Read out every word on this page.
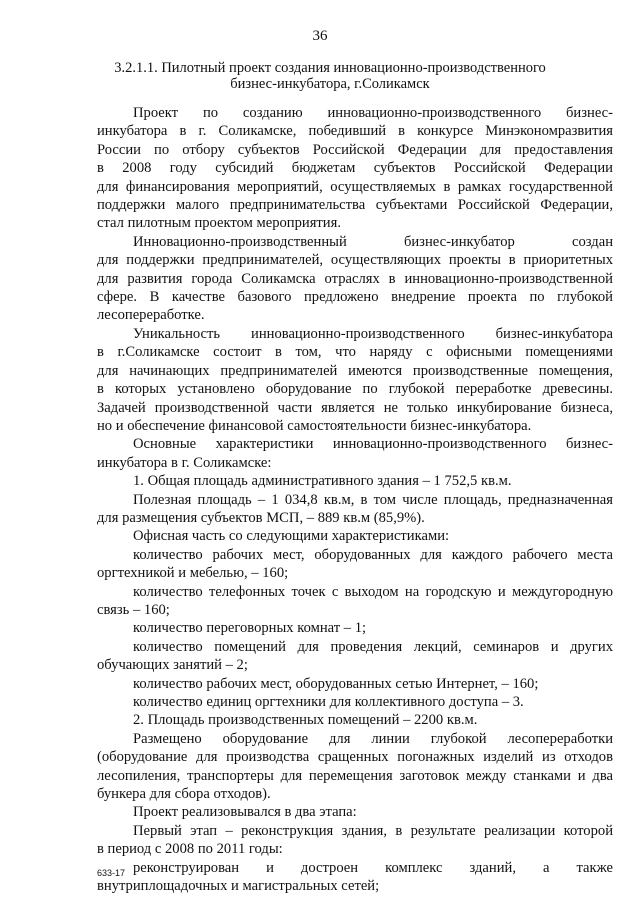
36
3.2.1.1. Пилотный проект создания инновационно-производственного
бизнес-инкубатора, г.Соликамск

Проект по созданию инновационно-производственного бизнес-

инкубатора в г. Соликамске, победивший в конкурсе Минэкономразвития

России по отбору субъектов Российской Федерации для предоставления

в 2008 году субсидий бюджетам субъектов Российской Федерации

для финансирования мероприятий, осуществляемых в рамках государственной

поддержки малого предпринимательства субъектами Российской Федерации,

стал пилотным проектом мероприятия.

Инновационно-производственный бизнес-инкубатор создан

для поддержки предпринимателей, осуществляющих проекты в приоритетных

для развития города Соликамска отраслях в инновационно-производственной

сфере. В качестве базового предложено внедрение проекта по глубокой

лесопереработке.

Уникальность инновационно-производственного бизнес-инкубатора

в г.Соликамске состоит в том, что наряду с офисными помещениями

для начинающих предпринимателей имеются производственные помещения,

в которых установлено оборудование по глубокой переработке древесины.

Задачей производственной части является не только инкубирование бизнеса,

но и обеспечение финансовой самостоятельности бизнес-инкубатора.

Основные характеристики инновационно-производственного бизнес-

инкубатора в г. Соликамске:

1. Общая площадь административного здания – 1 752,5 кв.м.

Полезная площадь – 1 034,8 кв.м, в том числе площадь, предназначенная

для размещения субъектов МСП, – 889 кв.м (85,9%).

Офисная часть со следующими характеристиками:

количество рабочих мест, оборудованных для каждого рабочего места

оргтехникой и мебелью, – 160;

количество телефонных точек с выходом на городскую и междугородную

связь – 160;

количество переговорных комнат – 1;

количество помещений для проведения лекций, семинаров и других

обучающих занятий – 2;

количество рабочих мест, оборудованных сетью Интернет, – 160;

количество единиц оргтехники для коллективного доступа – 3.

2. Площадь производственных помещений – 2200 кв.м.

Размещено оборудование для линии глубокой лесопереработки

(оборудование для производства сращенных погонажных изделий из отходов

лесопиления, транспортеры для перемещения заготовок между станками и два

бункера для сбора отходов).

Проект реализовывался в два этапа:

Первый этап – реконструкция здания, в результате реализации которой

в период с 2008 по 2011 годы:

реконструирован и достроен комплекс зданий, а также

внутриплощадочных и магистральных сетей;

633-17
